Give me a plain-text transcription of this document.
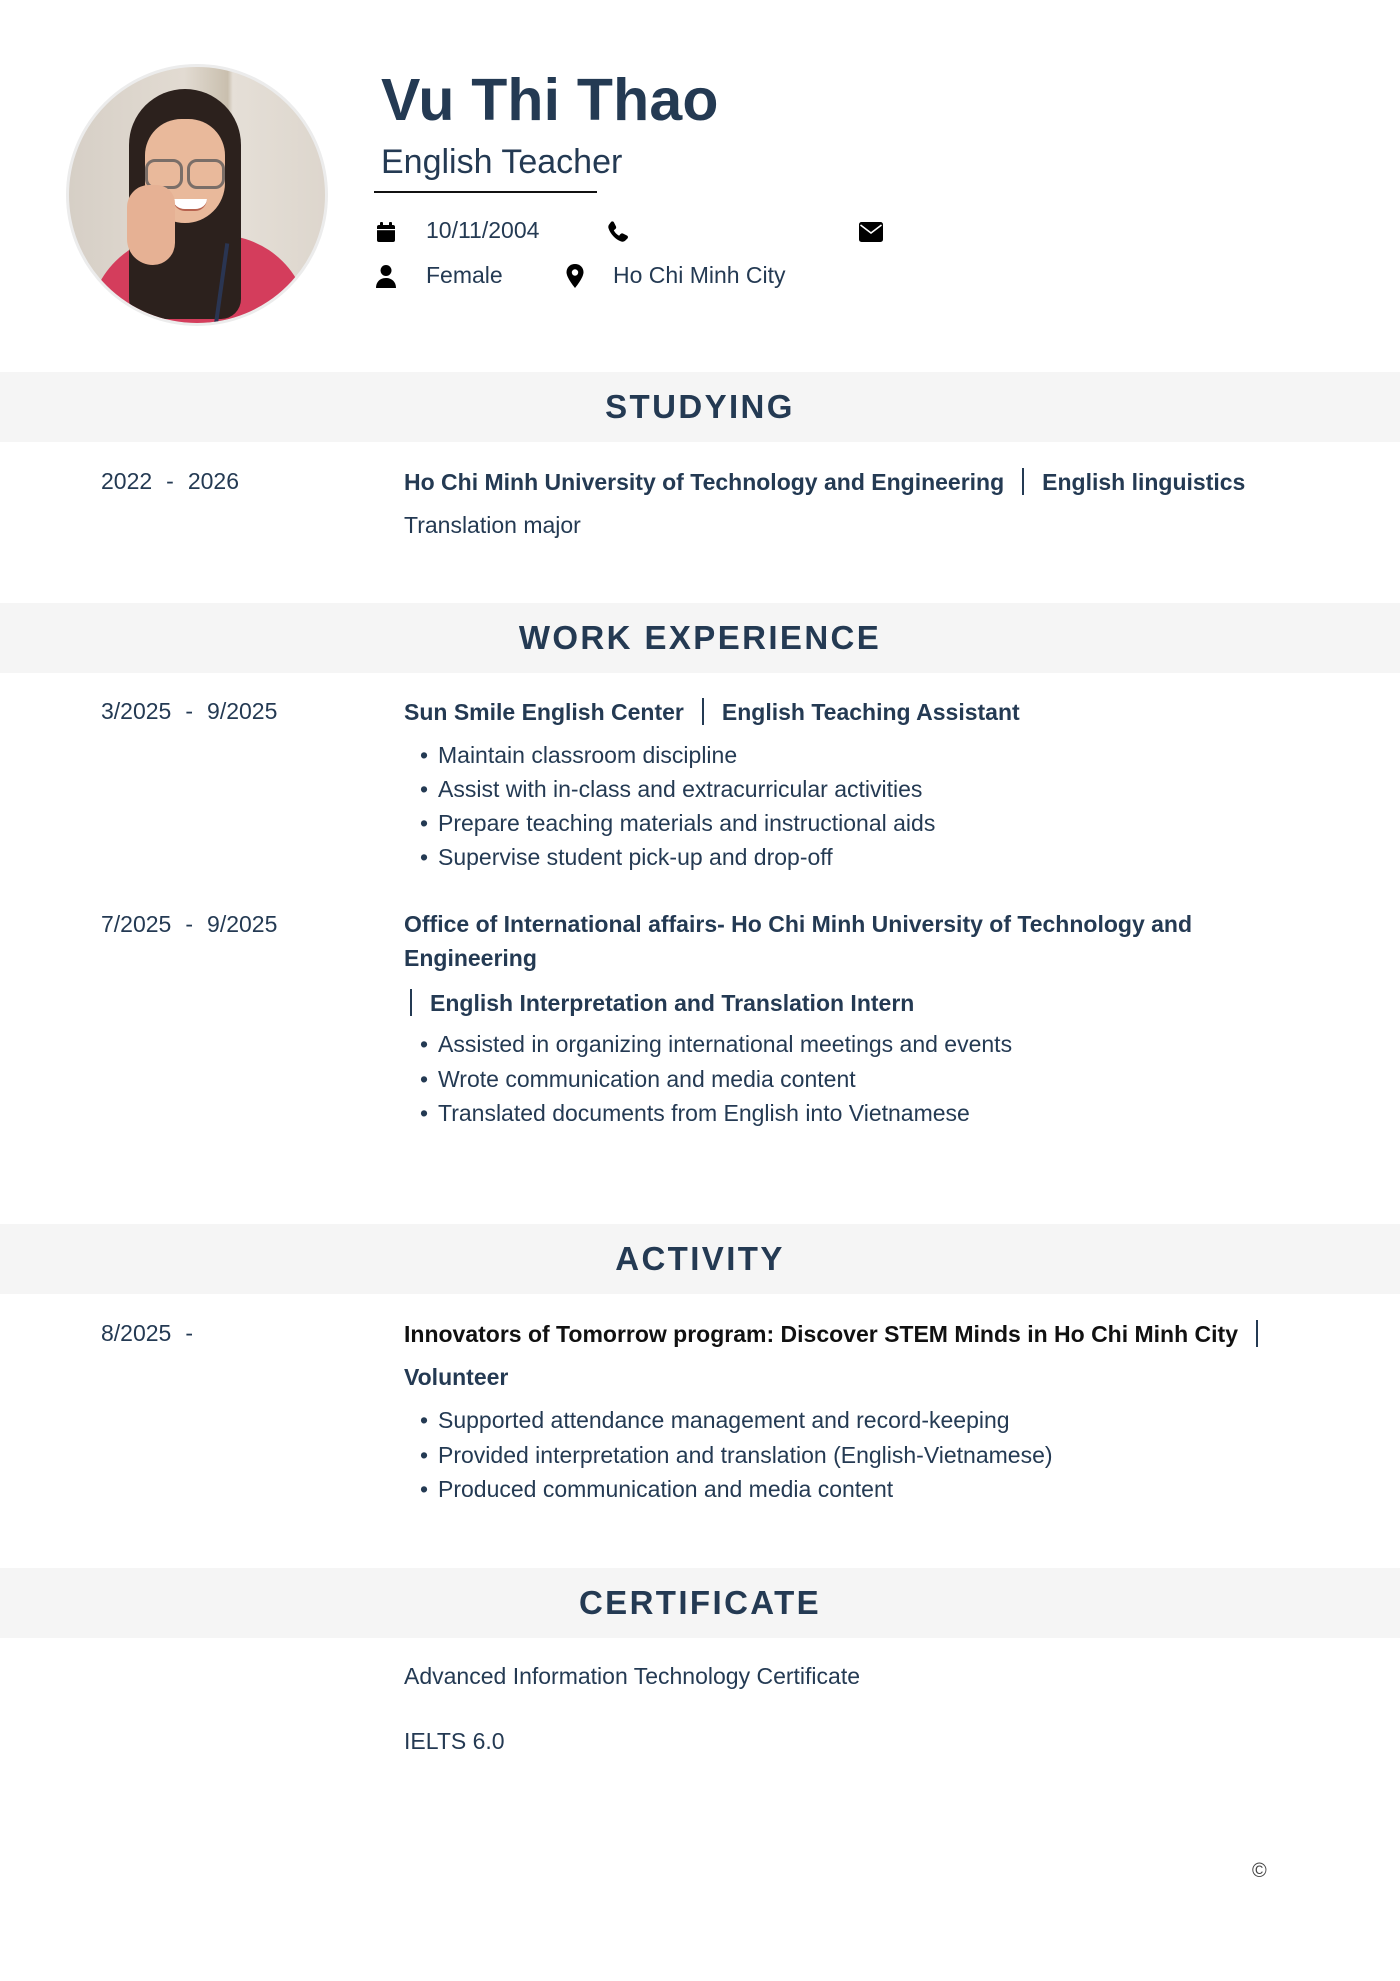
Vu Thi Thao
English Teacher
10/11/2004
Female	Ho Chi Minh City
STUDYING
2022 - 2026	Ho Chi Minh University of Technology and Engineering English linguistics
Translation major
WORK EXPERIENCE
3/2025 - 9/2025	Sun Smile English Center English Teaching Assistant
• Maintain classroom discipline
• Assist with in-class and extracurricular activities
• Prepare teaching materials and instructional aids
• Supervise student pick-up and drop-off
7/2025 - 9/2025	Office of International affairs- Ho Chi Minh University of Technology and
Engineering
English Interpretation and Translation Intern
• Assisted in organizing international meetings and events
• Wrote communication and media content
• Translated documents from English into Vietnamese
ACTIVITY
8/2025 -	Innovators of Tomorrow program: Discover STEM Minds in Ho Chi Minh City
Volunteer
• Supported attendance management and record-keeping
• Provided interpretation and translation (English-Vietnamese)
• Produced communication and media content
CERTIFICATE
Advanced Information Technology Certificate
IELTS 6.0
©
